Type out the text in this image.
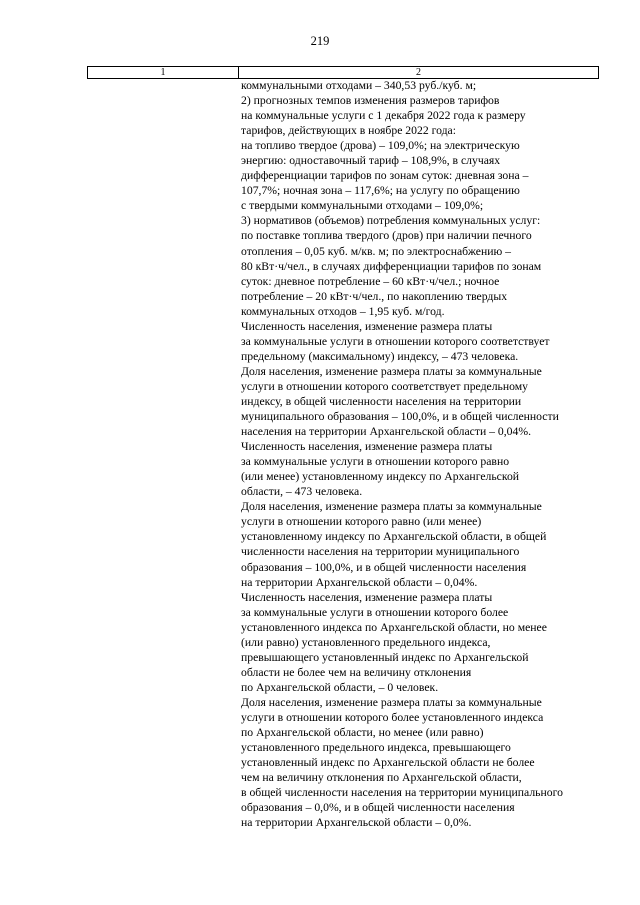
219
1	2
коммунальными отходами – 340,53 руб./куб. м;
2) прогнозных темпов изменения размеров тарифов
на коммунальные услуги с 1 декабря 2022 года к размеру
тарифов, действующих в ноябре 2022 года:
на топливо твердое (дрова) – 109,0%; на электрическую
энергию: одноставочный тариф – 108,9%, в случаях
дифференциации тарифов по зонам суток: дневная зона –
107,7%; ночная зона – 117,6%; на услугу по обращению
с твердыми коммунальными отходами – 109,0%;
3) нормативов (объемов) потребления коммунальных услуг:
по поставке топлива твердого (дров) при наличии печного
отопления – 0,05 куб. м/кв. м; по электроснабжению –
80 кВт·ч/чел., в случаях дифференциации тарифов по зонам
суток: дневное потребление – 60 кВт·ч/чел.; ночное
потребление – 20 кВт·ч/чел., по накоплению твердых
коммунальных отходов – 1,95 куб. м/год.
Численность населения, изменение размера платы
за коммунальные услуги в отношении которого соответствует
предельному (максимальному) индексу, – 473 человека.
Доля населения, изменение размера платы за коммунальные
услуги в отношении которого соответствует предельному
индексу, в общей численности населения на территории
муниципального образования – 100,0%, и в общей численности
населения на территории Архангельской области – 0,04%.
Численность населения, изменение размера платы
за коммунальные услуги в отношении которого равно
(или менее) установленному индексу по Архангельской
области, – 473 человека.
Доля населения, изменение размера платы за коммунальные
услуги в отношении которого равно (или менее)
установленному индексу по Архангельской области, в общей
численности населения на территории муниципального
образования – 100,0%, и в общей численности населения
на территории Архангельской области – 0,04%.
Численность населения, изменение размера платы
за коммунальные услуги в отношении которого более
установленного индекса по Архангельской области, но менее
(или равно) установленного предельного индекса,
превышающего установленный индекс по Архангельской
области не более чем на величину отклонения
по Архангельской области, – 0 человек.
Доля населения, изменение размера платы за коммунальные
услуги в отношении которого более установленного индекса
по Архангельской области, но менее (или равно)
установленного предельного индекса, превышающего
установленный индекс по Архангельской области не более
чем на величину отклонения по Архангельской области,
в общей численности населения на территории муниципального
образования – 0,0%, и в общей численности населения
на территории Архангельской области – 0,0%.
